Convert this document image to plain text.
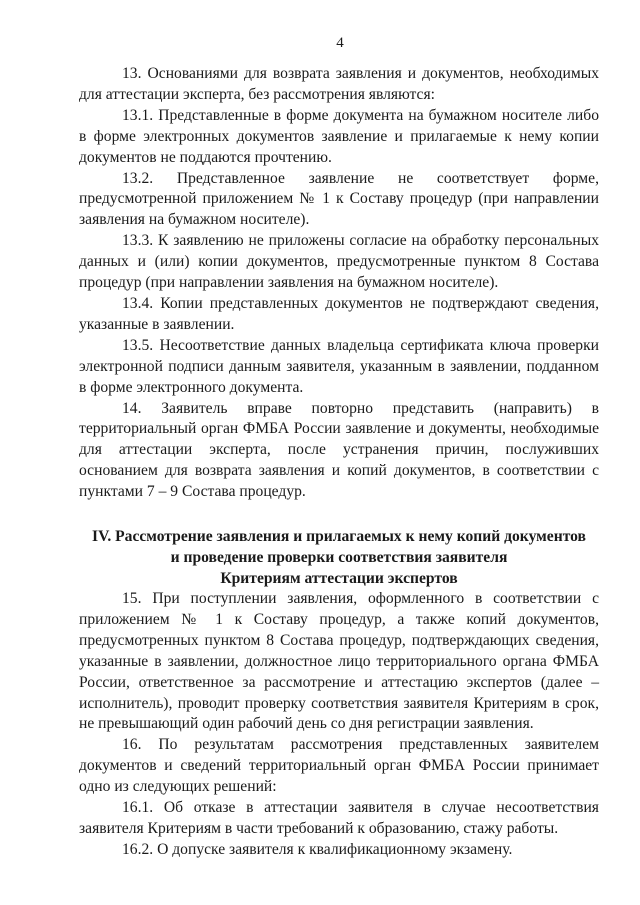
4

13. Основаниями для возврата заявления и документов, необходимых для аттестации эксперта, без рассмотрения являются:

13.1. Представленные в форме документа на бумажном носителе либо в форме электронных документов заявление и прилагаемые к нему копии документов не поддаются прочтению.

13.2. Представленное заявление не соответствует форме, предусмотренной приложением № 1 к Составу процедур (при направлении заявления на бумажном носителе).

13.3. К заявлению не приложены согласие на обработку персональных данных и (или) копии документов, предусмотренные пунктом 8 Состава процедур (при направлении заявления на бумажном носителе).

13.4. Копии представленных документов не подтверждают сведения, указанные в заявлении.

13.5. Несоответствие данных владельца сертификата ключа проверки электронной подписи данным заявителя, указанным в заявлении, подданном в форме электронного документа.

14. Заявитель вправе повторно представить (направить) в территориальный орган ФМБА России заявление и документы, необходимые для аттестации эксперта, после устранения причин, послуживших основанием для возврата заявления и копий документов, в соответствии с пунктами 7 – 9 Состава процедур.

IV. Рассмотрение заявления и прилагаемых к нему копий документов
и проведение проверки соответствия заявителя
Критериям аттестации экспертов

15. При поступлении заявления, оформленного в соответствии с приложением № 1 к Составу процедур, а также копий документов, предусмотренных пунктом 8 Состава процедур, подтверждающих сведения, указанные в заявлении, должностное лицо территориального органа ФМБА России, ответственное за рассмотрение и аттестацию экспертов (далее – исполнитель), проводит проверку соответствия заявителя Критериям в срок, не превышающий один рабочий день со дня регистрации заявления.

16. По результатам рассмотрения представленных заявителем документов и сведений территориальный орган ФМБА России принимает одно из следующих решений:

16.1. Об отказе в аттестации заявителя в случае несоответствия заявителя Критериям в части требований к образованию, стажу работы.

16.2. О допуске заявителя к квалификационному экзамену.
